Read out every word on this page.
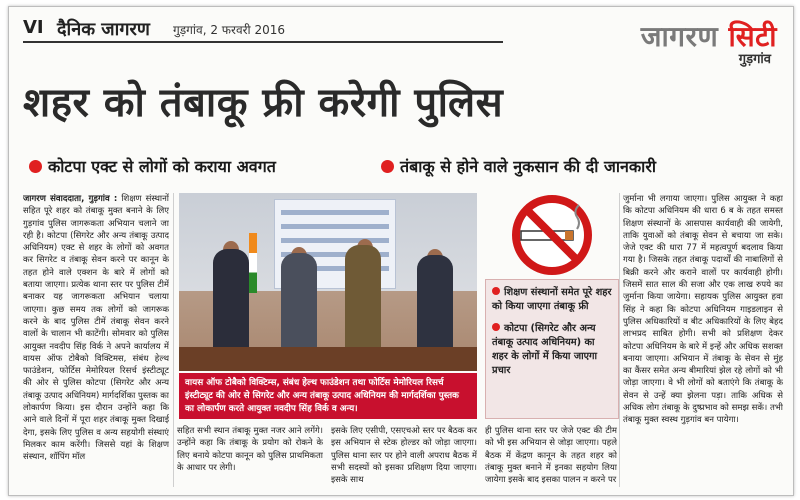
VI दैनिक जागरण गुड़गांव, 2 फरवरी 2016	जागरण सिटी
गुड़गांव
शहर को तंबाकू फ्री करेगी पुलिस
कोटपा एक्ट से लोगों को कराया अवगत	तंबाकू से होने वाले नुकसान की दी जानकारी

जागरण संवाददाता, गुड़गांव : शिक्षण संस्थानों सहित पूरे शहर को तंबाकू मुक्त बनाने के लिए गुड़गांव पुलिस जागरूकता अभियान चलाने जा रही है। कोटपा (सिगरेट और अन्य तंबाकू उत्पाद अधिनियम) एक्ट से शहर के लोगों को अवगत कर सिगरेट व तंबाकू सेवन करने पर कानून के तहत होने वाले एक्शन के बारे में लोगों को बताया जाएगा। प्रत्येक थाना स्तर पर पुलिस टीमें बनाकर यह जागरूकता अभियान चलाया जाएगा। कुछ समय तक लोगों को जागरूक करने के बाद पुलिस टीमें तंबाकू सेवन करने वालों के चालान भी काटेंगी। सोमवार को पुलिस आयुक्त नवदीप सिंह विर्क ने अपने कार्यालय में वायस ऑफ टोबैको विक्टिमस, संबंध हेल्थ फाउंडेशन, फोर्टिस मेमोरियल रिसर्च इंस्टीट्यूट की ओर से पुलिस कोटपा (सिगरेट और अन्य तंबाकू उत्पाद अधिनियम) मार्गदर्शिका पुस्तक का लोकार्पण किया। इस दौरान उन्होंने कहा कि आने वाले दिनों में पूरा शहर तंबाकू मुक्त दिखाई देगा, इसके लिए पुलिस व अन्य सहयोगी संस्थाएं मिलकर काम करेंगी। जिससे यहां के शिक्षण संस्थान, शॉपिंग मॉल

वायस ऑफ टोबैको विक्टिम्स, संबंध हेल्थ फाउंडेशन तथा फोर्टिस मेमोरियल रिसर्च इंस्टीट्यूट की ओर से सिगरेट और अन्य तंबाकू उत्पाद अधिनियम की मार्गदर्शिका पुस्तक का लोकार्पण करते आयुक्त नवदीप सिंह विर्क व अन्य।
शिक्षण संस्थानों समेत पूरे शहर को किया जाएगा तंबाकू फ्री
कोटपा (सिगरेट और अन्य तंबाकू उत्पाद अधिनियम) का शहर के लोगों में किया जाएगा प्रचार

सहित सभी स्थान तंबाकू मुक्त नजर आने लगेंगे। उन्होंने कहा कि तंबाकू के प्रयोग को रोकने के लिए बनाये कोटपा कानून को पुलिस प्राथमिकता के आधार पर लेगी।

इसके लिए एसीपी, एसएचओ स्तर पर बैठक कर इस अभियान से स्टेक होल्डर को जोड़ा जाएगा। पुलिस थाना स्तर पर होने वाली अपराध बैठक में सभी सदस्यों को इसका प्रशिक्षण दिया जाएगा। इसके साथ

ही पुलिस थाना स्तर पर जेजे एक्ट की टीम को भी इस अभियान से जोड़ा जाएगा। पहले बैठक में केंद्रण कानून के तहत शहर को तंबाकू मुक्त बनाने में इनका सहयोग लिया जायेगा इसके बाद इसका पालन न करने पर

जुर्माना भी लगाया जाएगा। पुलिस आयुक्त ने कहा कि कोटपा अधिनियम की धारा 6 ब के तहत समस्त शिक्षण संस्थानों के आसपास कार्यवाही की जायेगी, ताकि युवाओं को तंबाकू सेवन से बचाया जा सके। जेजे एक्ट की धारा 77 में महत्वपूर्ण बदलाव किया गया है। जिसके तहत तंबाकू पदार्थों की नाबालिगों से बिक्री करने और कराने वालों पर कार्यवाही होगी। जिसमें सात साल की सजा और एक लाख रुपये का जुर्माना किया जायेगा। सहायक पुलिस आयुक्त हवा सिंह ने कहा कि कोटपा अधिनियम गाइडलाइन से पुलिस अधिकारियों व बीट अधिकारियों के लिए बेहद लाभप्रद साबित होगी। सभी को प्रशिक्षण देकर कोटपा अधिनियम के बारे में इन्हें और अधिक सशक्त बनाया जाएगा। अभियान में तंबाकू के सेवन से मुंह का कैंसर समेत अन्य बीमारियां झेल रहे लोगों को भी जोड़ा जाएगा। वे भी लोगों को बताएंगे कि तंबाकू के सेवन से उन्हें क्या झेलना पड़ा। ताकि अधिक से अधिक लोग तंबाकू के दुष्प्रभाव को समझ सकें। तभी तंबाकू मुक्त स्वस्थ गुड़गांव बन पायेगा।
